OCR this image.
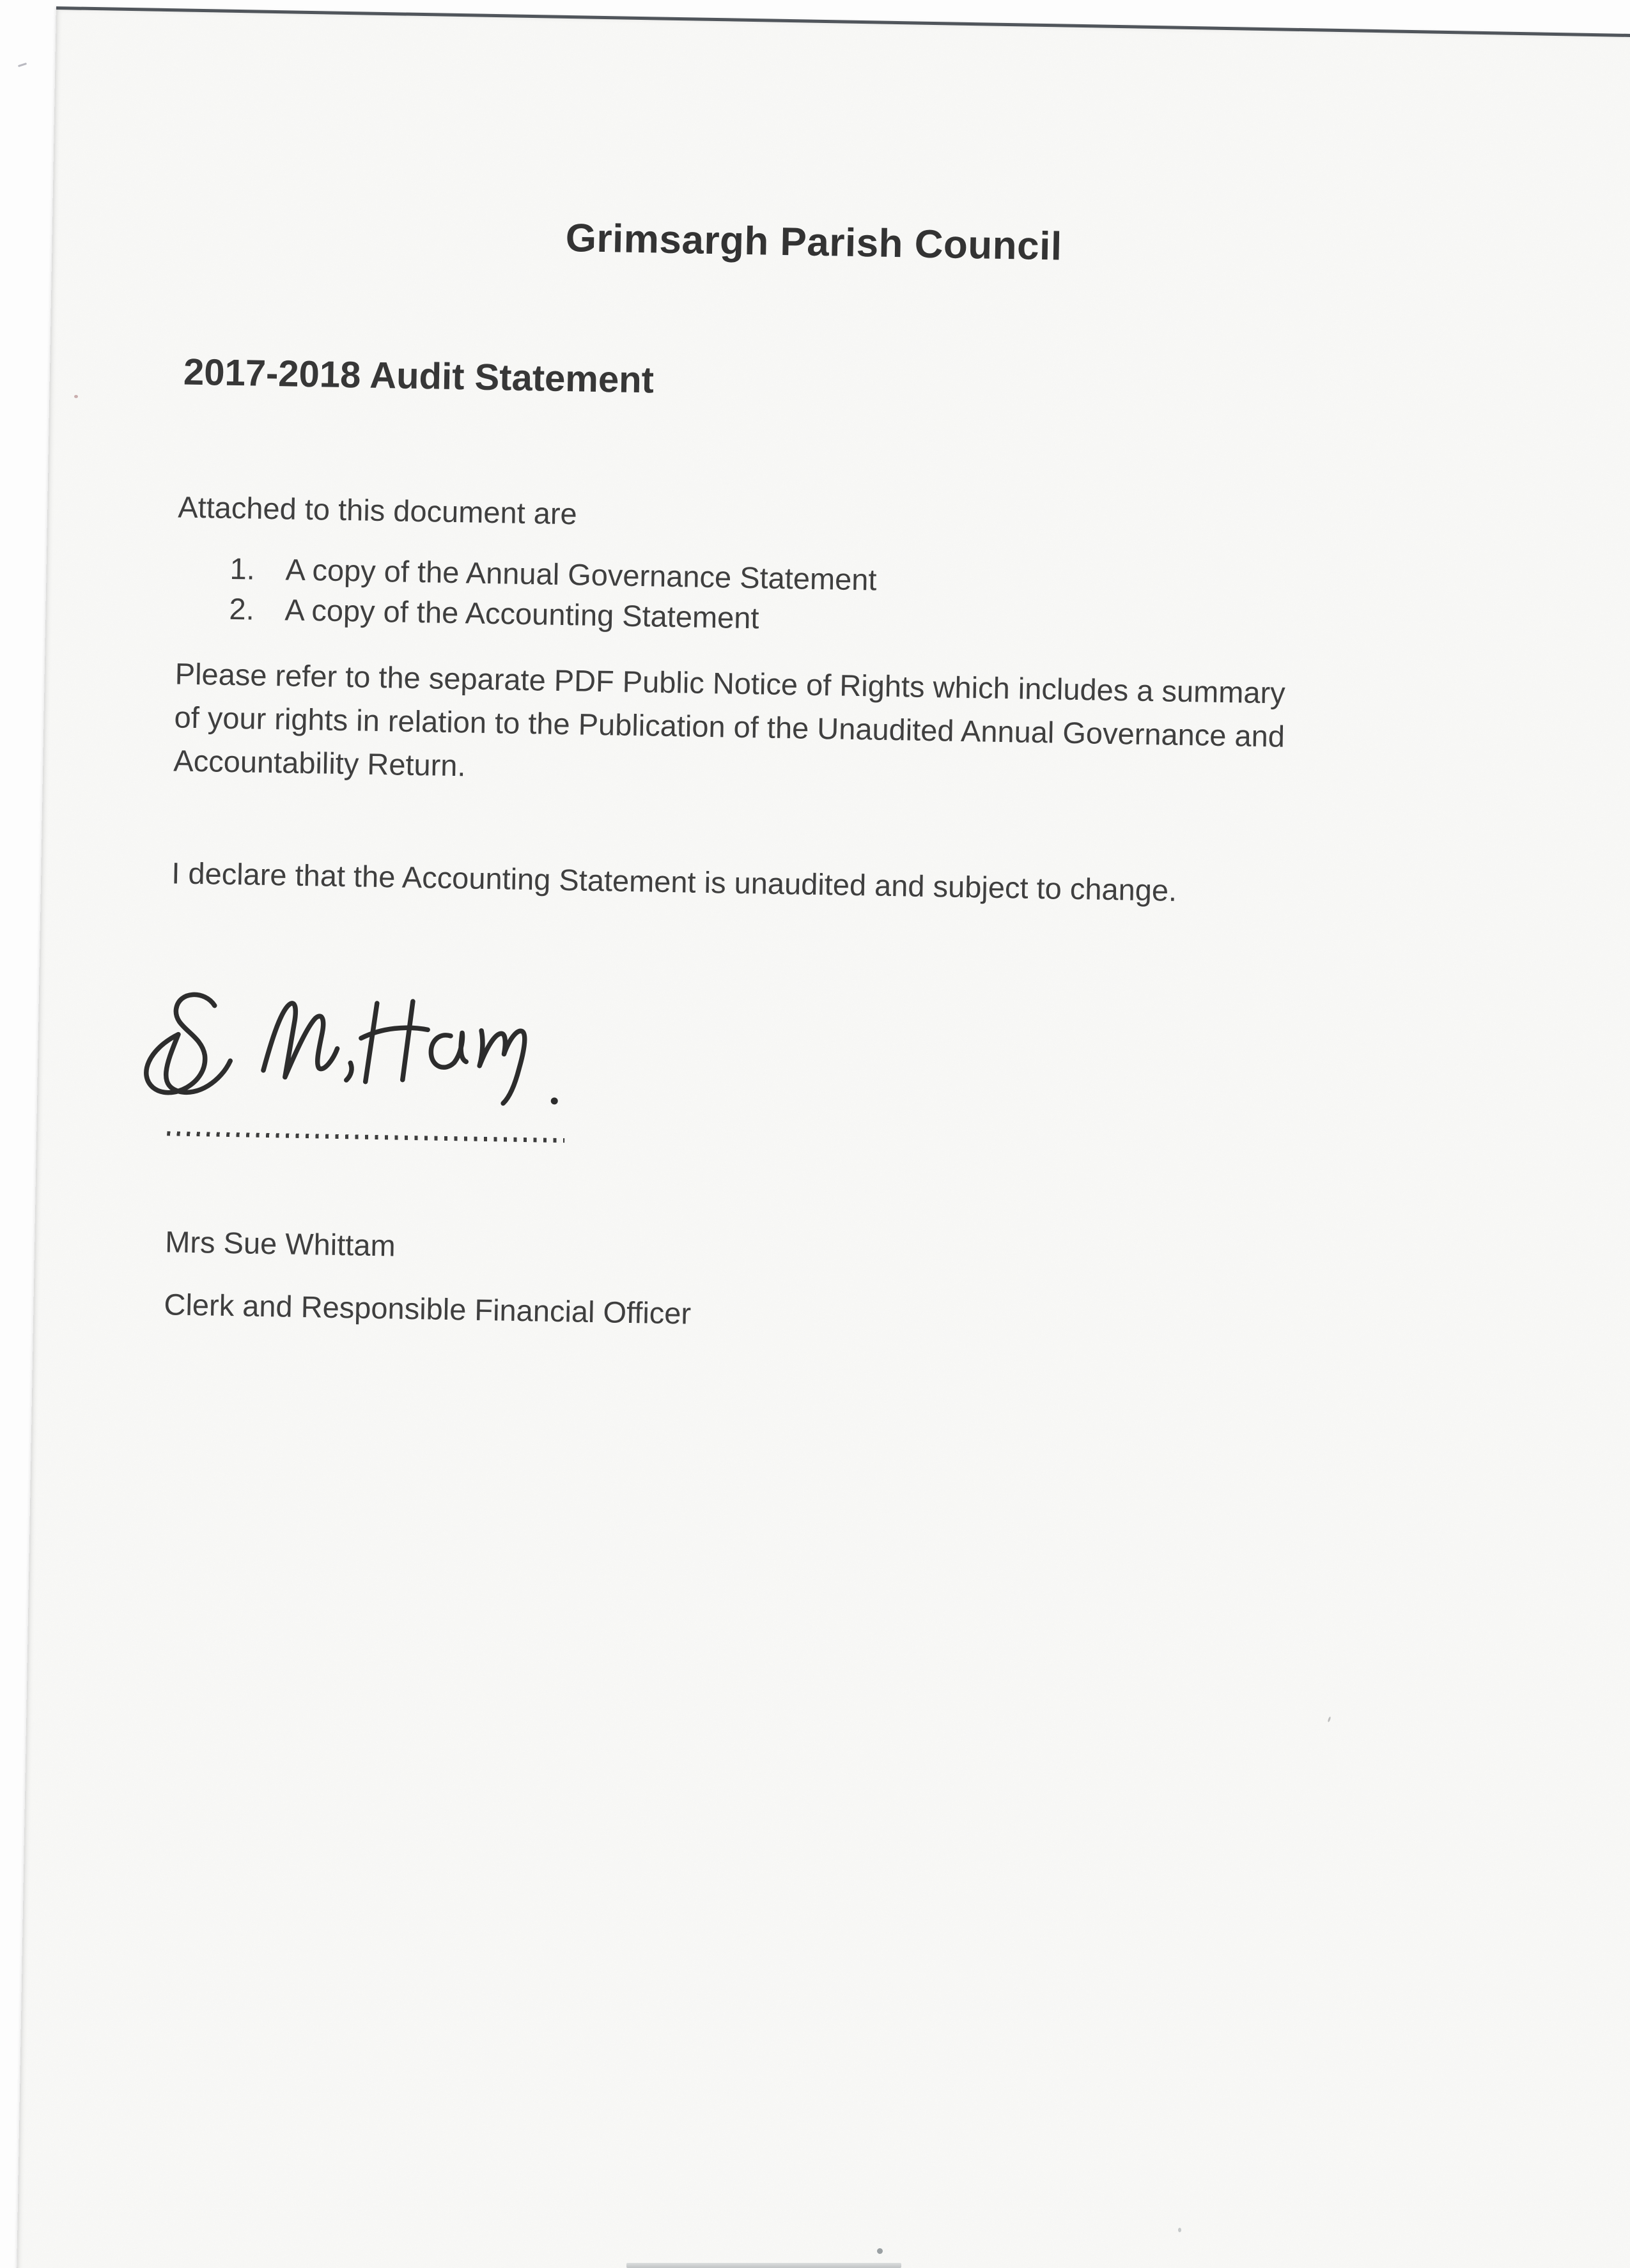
Grimsargh Parish Council
2017-2018 Audit Statement
Attached to this document are
1. A copy of the Annual Governance Statement
2. A copy of the Accounting Statement
Please refer to the separate PDF Public Notice of Rights which includes a summary
of your rights in relation to the Publication of the Unaudited Annual Governance and
Accountability Return.
I declare that the Accounting Statement is unaudited and subject to change.
Mrs Sue Whittam
Clerk and Responsible Financial Officer
